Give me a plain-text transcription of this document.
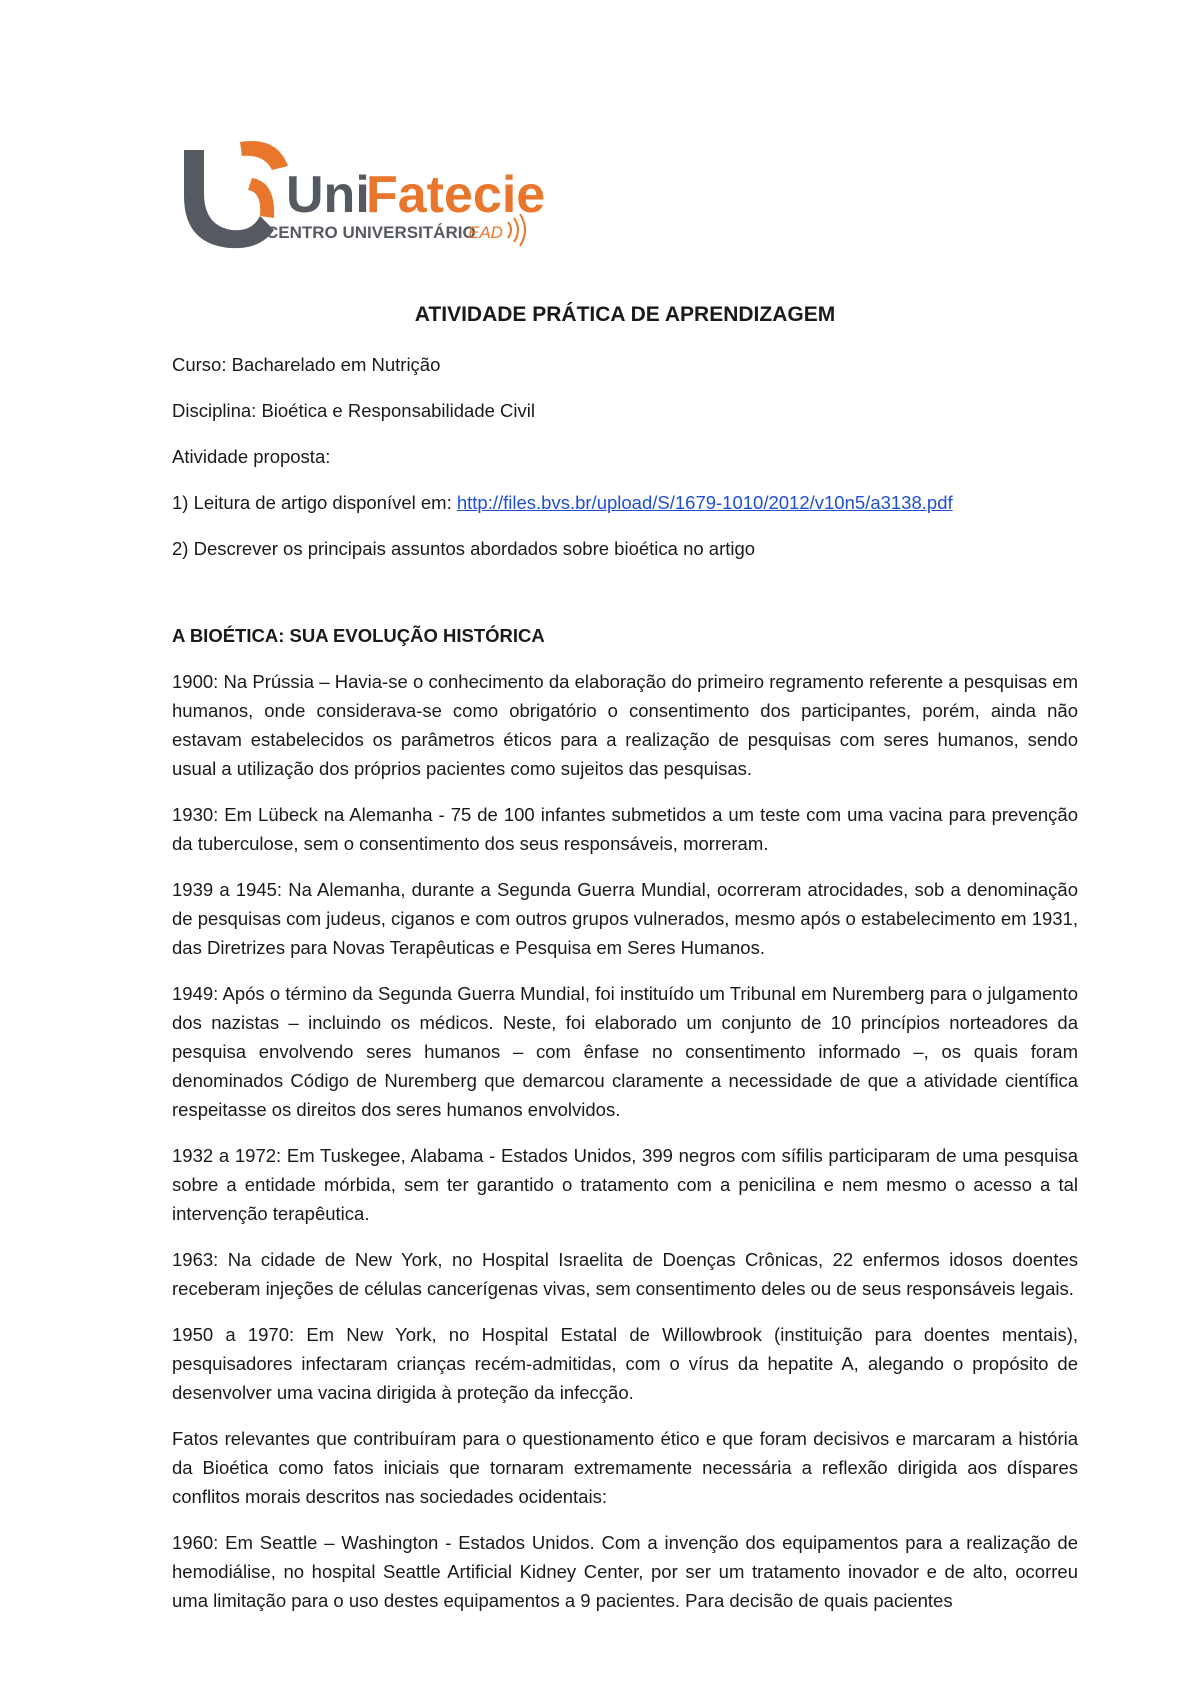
Uni
Fatecie
CENTRO UNIVERSITÁRIO
EAD
ATIVIDADE PRÁTICA DE APRENDIZAGEM
Curso: Bacharelado em Nutrição
Disciplina: Bioética e Responsabilidade Civil
Atividade proposta:
1) Leitura de artigo disponível em: http://files.bvs.br/upload/S/1679-1010/2012/v10n5/a3138.pdf
2) Descrever os principais assuntos abordados sobre bioética no artigo
A BIOÉTICA: SUA EVOLUÇÃO HISTÓRICA
1900: Na Prússia – Havia-se o conhecimento da elaboração do primeiro regramento referente a pesquisas em humanos, onde considerava-se como obrigatório o consentimento dos participantes, porém, ainda não estavam estabelecidos os parâmetros éticos para a realização de pesquisas com seres humanos, sendo usual a utilização dos próprios pacientes como sujeitos das pesquisas.
1930: Em Lübeck na Alemanha - 75 de 100 infantes submetidos a um teste com uma vacina para prevenção da tuberculose, sem o consentimento dos seus responsáveis, morreram.
1939 a 1945: Na Alemanha, durante a Segunda Guerra Mundial, ocorreram atrocidades, sob a denominação de pesquisas com judeus, ciganos e com outros grupos vulnerados, mesmo após o estabelecimento em 1931, das Diretrizes para Novas Terapêuticas e Pesquisa em Seres Humanos.
1949: Após o término da Segunda Guerra Mundial, foi instituído um Tribunal em Nuremberg para o julgamento dos nazistas – incluindo os médicos. Neste, foi elaborado um conjunto de 10 princípios norteadores da pesquisa envolvendo seres humanos – com ênfase no consentimento informado –, os quais foram denominados Código de Nuremberg que demarcou claramente a necessidade de que a atividade científica respeitasse os direitos dos seres humanos envolvidos.
1932 a 1972: Em Tuskegee, Alabama - Estados Unidos, 399 negros com sífilis participaram de uma pesquisa sobre a entidade mórbida, sem ter garantido o tratamento com a penicilina e nem mesmo o acesso a tal intervenção terapêutica.
1963: Na cidade de New York, no Hospital Israelita de Doenças Crônicas, 22 enfermos idosos doentes receberam injeções de células cancerígenas vivas, sem consentimento deles ou de seus responsáveis legais.
1950 a 1970: Em New York, no Hospital Estatal de Willowbrook (instituição para doentes mentais), pesquisadores infectaram crianças recém-admitidas, com o vírus da hepatite A, alegando o propósito de desenvolver uma vacina dirigida à proteção da infecção.
Fatos relevantes que contribuíram para o questionamento ético e que foram decisivos e marcaram a história da Bioética como fatos iniciais que tornaram extremamente necessária a reflexão dirigida aos díspares conflitos morais descritos nas sociedades ocidentais:
1960: Em Seattle – Washington - Estados Unidos. Com a invenção dos equipamentos para a realização de hemodiálise, no hospital Seattle Artificial Kidney Center, por ser um tratamento inovador e de alto, ocorreu uma limitação para o uso destes equipamentos a 9 pacientes. Para decisão de quais pacientes
